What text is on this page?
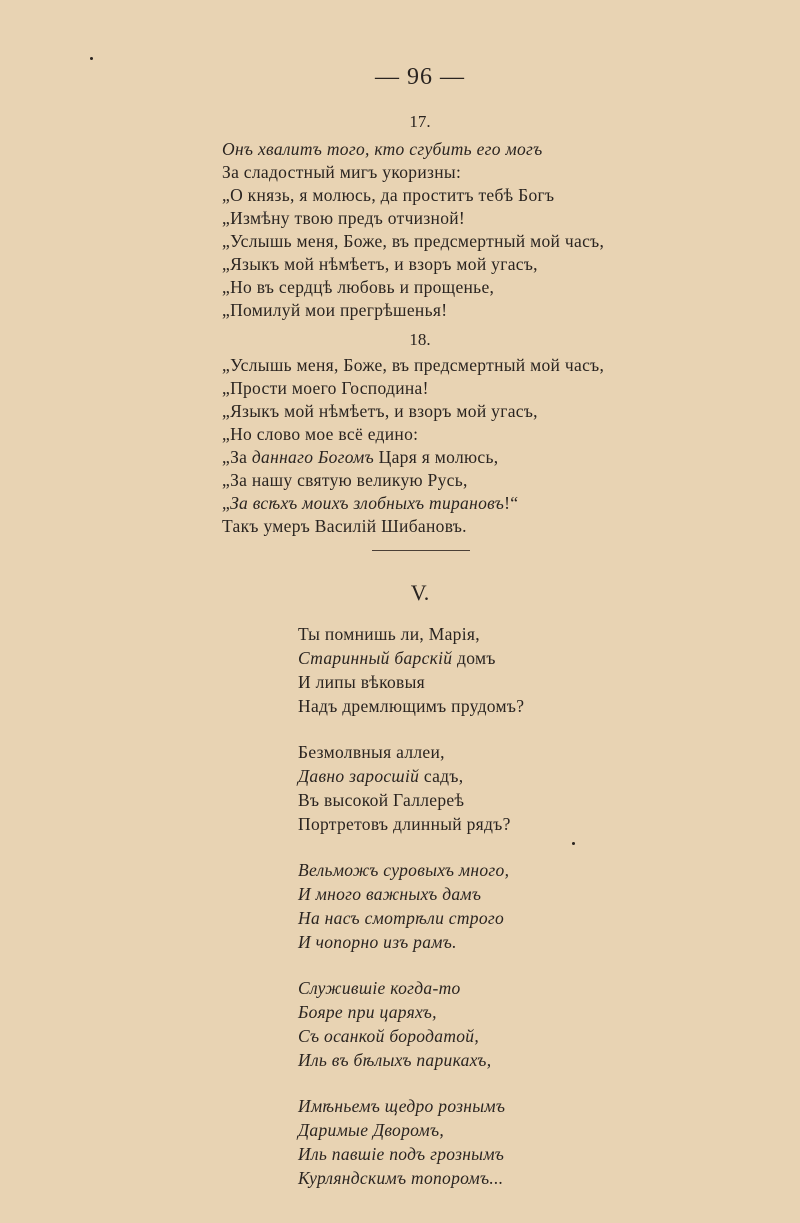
— 96 —
17.
Онъ хвалитъ того, кто сгубить его могъ
За сладостный мигъ укоризны:
„О князь, я молюсь, да проститъ тебѣ Богъ
„Измѣну твою предъ отчизной!
„Услышь меня, Боже, въ предсмертный мой часъ,
„Языкъ мой нѣмѣетъ, и взоръ мой угасъ,
„Но въ сердцѣ любовь и прощенье,
„Помилуй мои прегрѣшенья!
18.
„Услышь меня, Боже, въ предсмертный мой часъ,
„Прости моего Господина!
„Языкъ мой нѣмѣетъ, и взоръ мой угасъ,
„Но слово мое всё едино:
„За даннаго Богомъ Царя я молюсь,
„За нашу святую великую Русь,
„За всѣхъ моихъ злобныхъ тирановъ!“
Такъ умеръ Василій Шибановъ.
V.
Ты помнишь ли, Марія,
Старинный барскій домъ
И липы вѣковыя
Надъ дремлющимъ прудомъ?
Безмолвныя аллеи,
Давно заросшій садъ,
Въ высокой Галлереѣ
Портретовъ длинный рядъ?
Вельможъ суровыхъ много,
И много важныхъ дамъ
На насъ смотрѣли строго
И чопорно изъ рамъ.
Служившіе когда-то
Бояре при царяхъ,
Съ осанкой бородатой,
Иль въ бѣлыхъ парикахъ,
Имѣньемъ щедро рознымъ
Даримые Дворомъ,
Иль павшіе подъ грознымъ
Курляндскимъ топоромъ...
